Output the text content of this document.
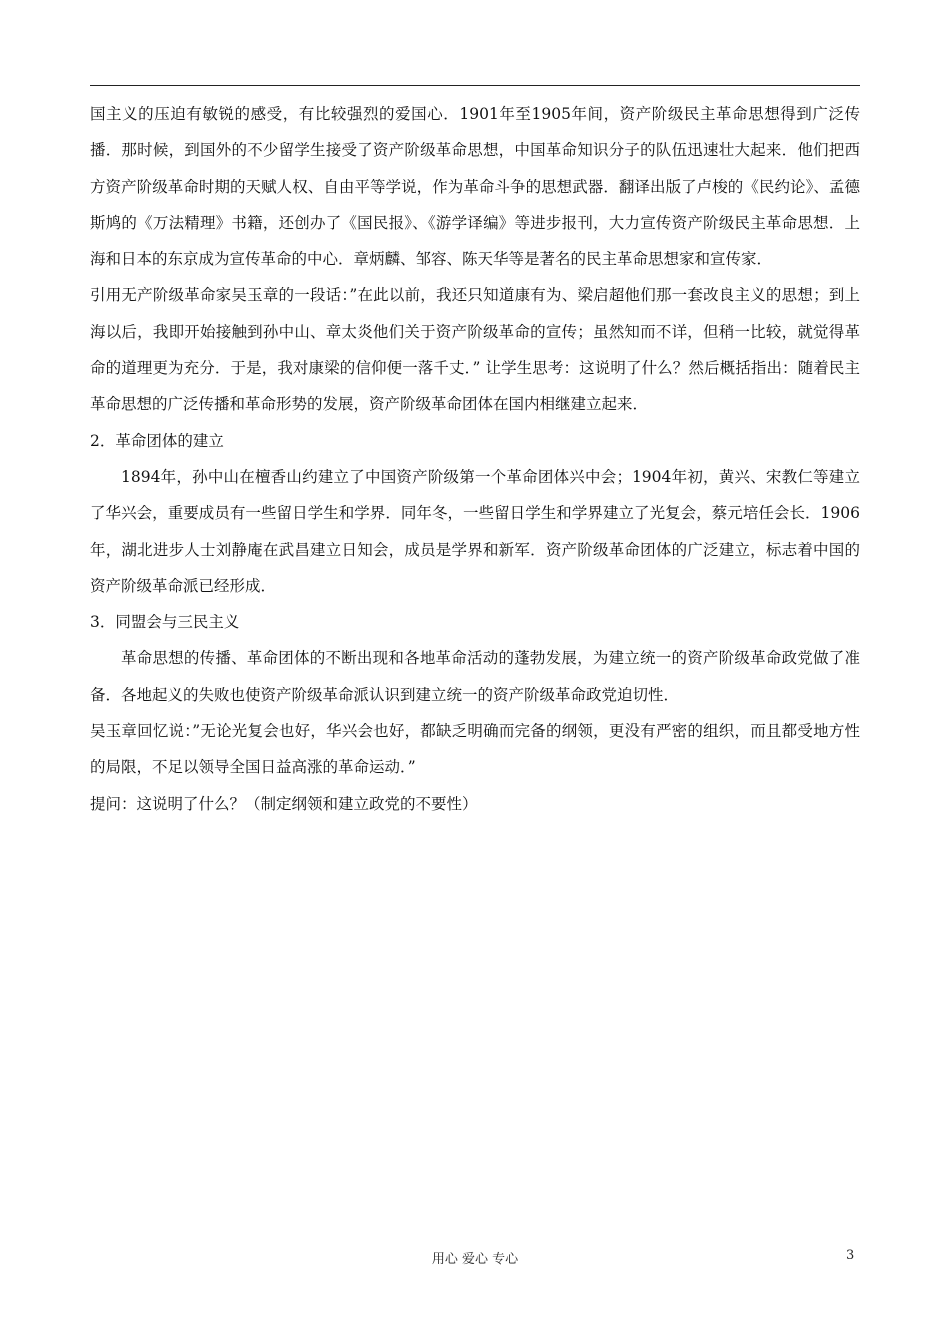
国主义的压迫有敏锐的感受，有比较强烈的爱国心．1901年至1905年间，资产阶级民主革命思想得到广泛传播．那时候，到国外的不少留学生接受了资产阶级革命思想，中国革命知识分子的队伍迅速壮大起来．他们把西方资产阶级革命时期的天赋人权、自由平等学说，作为革命斗争的思想武器．翻译出版了卢梭的《民约论》、孟德斯鸠的《万法精理》书籍，还创办了《国民报》、《游学译编》等进步报刊，大力宣传资产阶级民主革命思想．上海和日本的东京成为宣传革命的中心．章炳麟、邹容、陈天华等是著名的民主革命思想家和宣传家．

引用无产阶级革命家吴玉章的一段话：”在此以前，我还只知道康有为、梁启超他们那一套改良主义的思想；到上海以后，我即开始接触到孙中山、章太炎他们关于资产阶级革命的宣传；虽然知而不详，但稍一比较，就觉得革命的道理更为充分．于是，我对康梁的信仰便一落千丈．” 让学生思考：这说明了什么？然后概括指出：随着民主革命思想的广泛传播和革命形势的发展，资产阶级革命团体在国内相继建立起来．

2．革命团体的建立

1894年，孙中山在檀香山约建立了中国资产阶级第一个革命团体兴中会；1904年初，黄兴、宋教仁等建立了华兴会，重要成员有一些留日学生和学界．同年冬，一些留日学生和学界建立了光复会，蔡元培任会长．1906年，湖北进步人士刘静庵在武昌建立日知会，成员是学界和新军．资产阶级革命团体的广泛建立，标志着中国的资产阶级革命派已经形成．

3．同盟会与三民主义

革命思想的传播、革命团体的不断出现和各地革命活动的蓬勃发展，为建立统一的资产阶级革命政党做了准备．各地起义的失败也使资产阶级革命派认识到建立统一的资产阶级革命政党迫切性．

吴玉章回忆说：”无论光复会也好，华兴会也好，都缺乏明确而完备的纲领，更没有严密的组织，而且都受地方性的局限，不足以领导全国日益高涨的革命运动．”

提问：这说明了什么？（制定纲领和建立政党的不要性）

用心 爱心 专心	3
